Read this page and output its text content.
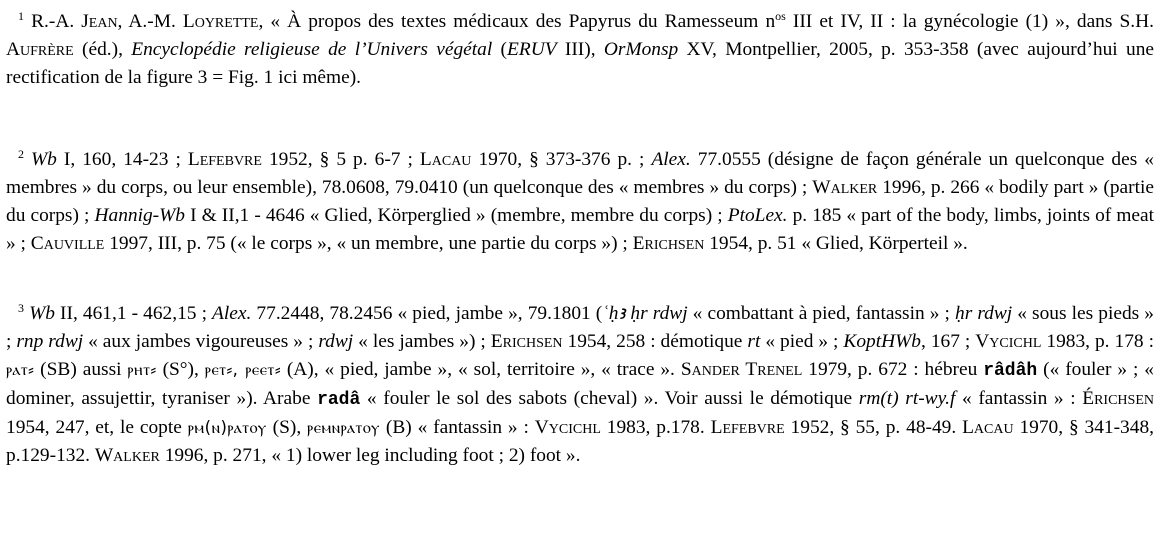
$^1$ R.-A. Jean, A.-M. Loyrette, « À propos des textes médicaux des Papyrus du Ramesseum $n^{os}$ III et IV, II : la gynécologie (1) », dans S.H. Aufrère (éd.), Encyclopédie religieuse de l’Univers végétal (ERUV III), OrMonsp XV, Montpellier, 2005, p. 353-358 (avec aujourd’hui une rectification de la figure 3 = Fig. 1 ici même).

$^2$ Wb I, 160, 14-23 ; Lefebvre 1952, § 5 p. 6-7 ; Lacau 1970, § 373-376 p. ; Alex. 77.0555 (désigne de façon générale un quelconque des « membres » du corps, ou leur ensemble), 78.0608, 79.0410 (un quelconque des « membres » du corps) ; Walker 1996, p. 266 « bodily part » (partie du corps) ; Hannig-Wb I & II,1 - 4646 « Glied, Körperglied » (membre, membre du corps) ; PtoLex. p. 185 « part of the body, limbs, joints of meat » ; Cauville 1997, III, p. 75 (« le corps », « un membre, une partie du corps ») ; Erichsen 1954, p. 51 « Glied, Körperteil ».

$^3$ Wb II, 461,1 - 462,15 ; Alex. 77.2448, 78.2456 « pied, jambe », 79.1801 (ʿḥꜣ ḥr rdwj « combattant à pied, fantassin » ; ḥr rdwj « sous les pieds » ; rnp rdwj « aux jambes vigoureuses » ; rdwj « les jambes ») ; Erichsen 1954, 258 : démotique rt « pied » ; KoptHWb, 167 ; Vycichl 1983, p. 178 : ⲣⲁⲧ⸗ (SB) aussi ⲣⲏⲧ⸗ (S°), ⲣⲉⲧ⸗, ⲣⲉⲉⲧ⸗ (A), « pied, jambe », « sol, territoire », « trace ». Sander Trenel 1979, p. 672 : hébreu râdâh (« fouler » ; « dominer, assujettir, tyraniser »). Arabe radâ « fouler le sol des sabots (cheval) ». Voir aussi le démotique rm(t) rt-wy.f « fantassin » : Érichsen 1954, 247, et, le copte ⲣⲙ(ⲛ)ⲣⲁⲧⲟⲩ (S), ⲣⲉⲙⲛⲣⲁⲧⲟⲩ (B) « fantassin » : Vycichl 1983, p.178. Lefebvre 1952, § 55, p. 48-49. Lacau 1970, § 341-348, p.129-132. Walker 1996, p. 271, « 1) lower leg including foot ; 2) foot ».
